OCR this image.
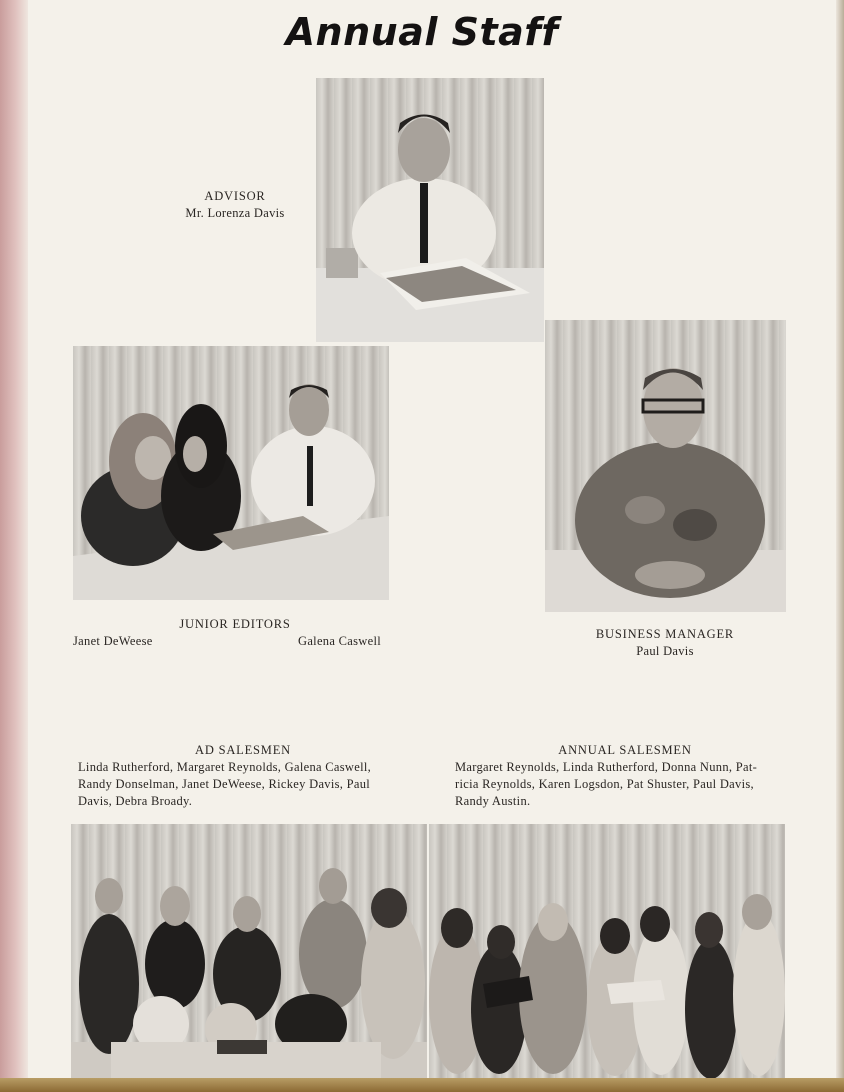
Annual Staff
ADVISOR
Mr. Lorenza Davis
JUNIOR EDITORS
Janet DeWeese	Galena Caswell	BUSINESS MANAGER
Paul Davis
AD SALESMEN
Linda Rutherford, Margaret Reynolds, Galena Caswell,
Randy Donselman, Janet DeWeese, Rickey Davis, Paul
Davis, Debra Broady.
ANNUAL SALESMEN
Margaret Reynolds, Linda Rutherford, Donna Nunn, Pat-
ricia Reynolds, Karen Logsdon, Pat Shuster, Paul Davis,
Randy Austin.
